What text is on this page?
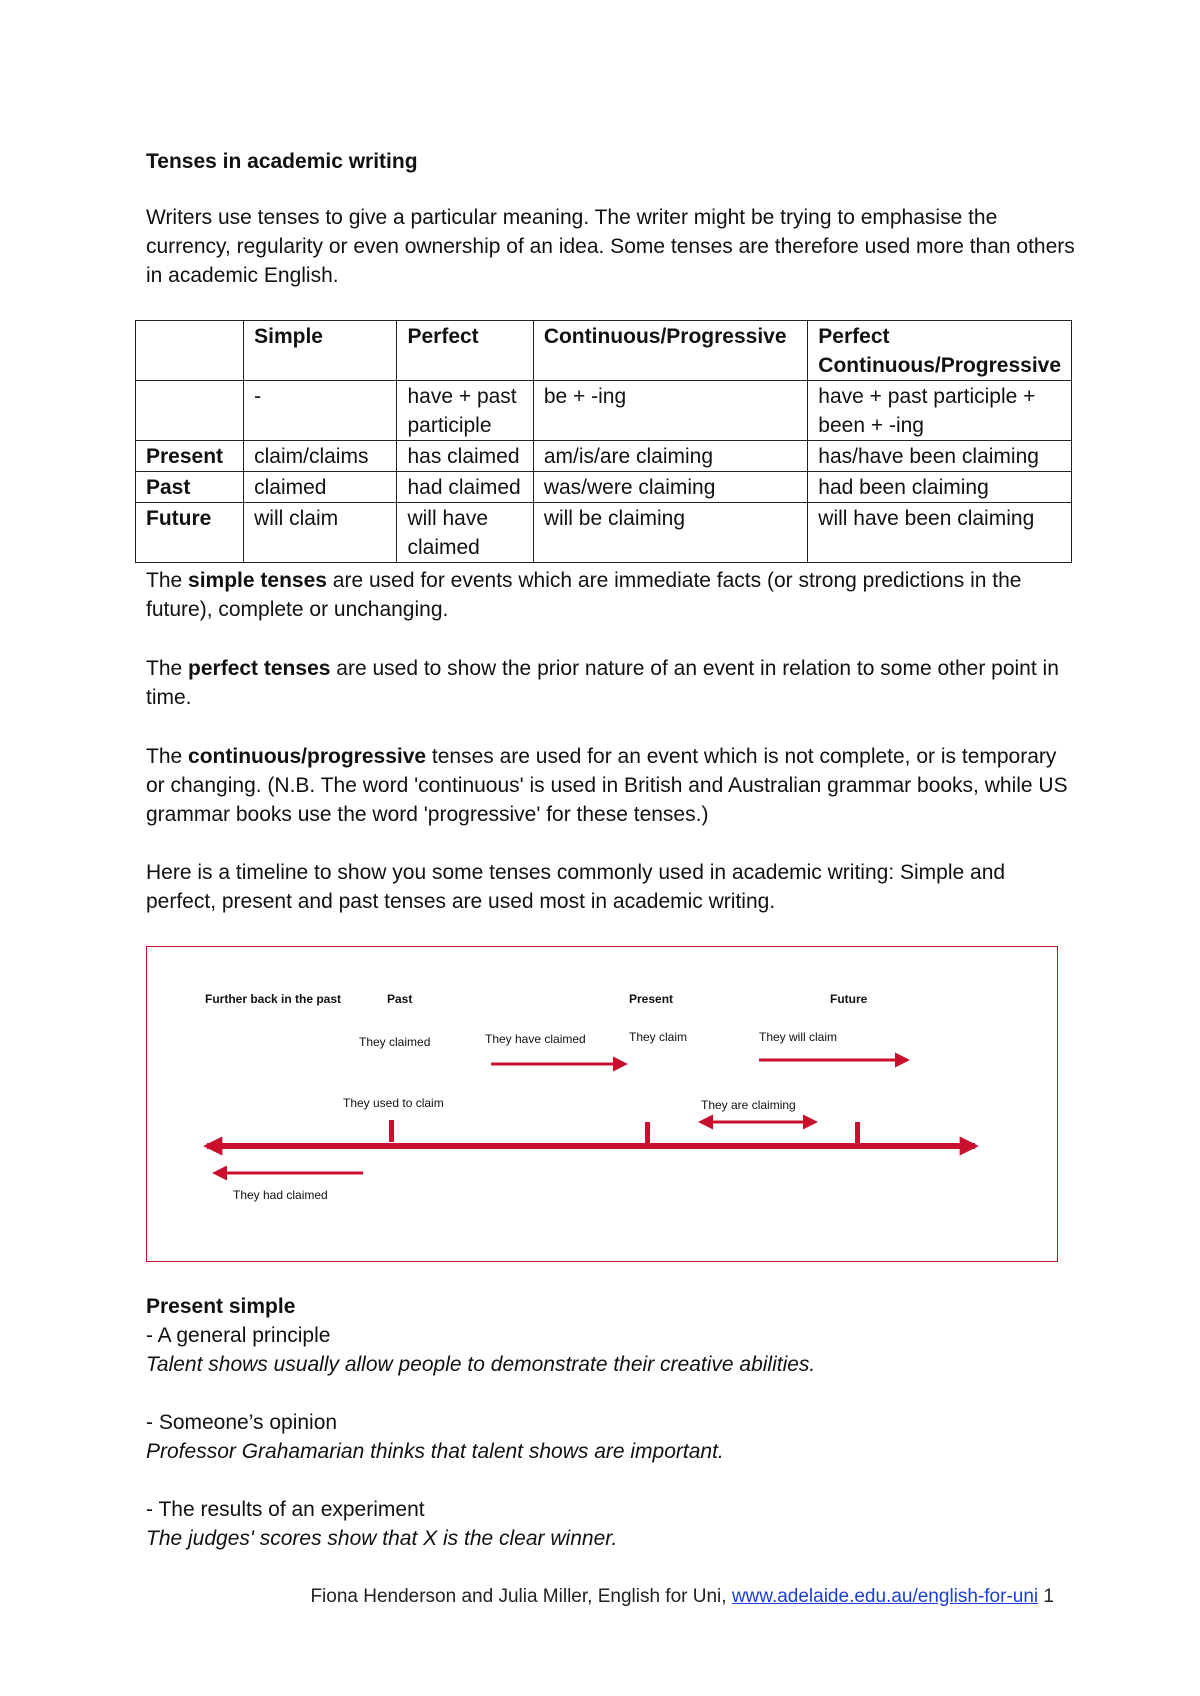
Tenses in academic writing
Writers use tenses to give a particular meaning. The writer might be trying to emphasise the currency, regularity or even ownership of an idea. Some tenses are therefore used more than others in academic English.
	Simple	Perfect	Continuous/Progressive	Perfect Continuous/Progressive
	-	have + past participle	be + -ing	have + past participle + been + -ing
Present	claim/claims	has claimed	am/is/are claiming	has/have been claiming
Past	claimed	had claimed	was/were claiming	had been claiming
Future	will claim	will have claimed	will be claiming	will have been claiming
The simple tenses are used for events which are immediate facts (or strong predictions in the future), complete or unchanging.
The perfect tenses are used to show the prior nature of an event in relation to some other point in time.
The continuous/progressive tenses are used for an event which is not complete, or is temporary or changing. (N.B. The word 'continuous' is used in British and Australian grammar books, while US grammar books use the word 'progressive' for these tenses.)
Here is a timeline to show you some tenses commonly used in academic writing: Simple and perfect, present and past tenses are used most in academic writing.
Further back in the past	Past	Present	Future
They claimed	They have claimed	They claim	They will claim
They used to claim	They are claiming
They had claimed
Present simple
- A general principle
Talent shows usually allow people to demonstrate their creative abilities.
- Someone’s opinion
Professor Grahamarian thinks that talent shows are important.
- The results of an experiment
The judges' scores show that X is the clear winner.
Fiona Henderson and Julia Miller, English for Uni, www.adelaide.edu.au/english-for-uni 1
